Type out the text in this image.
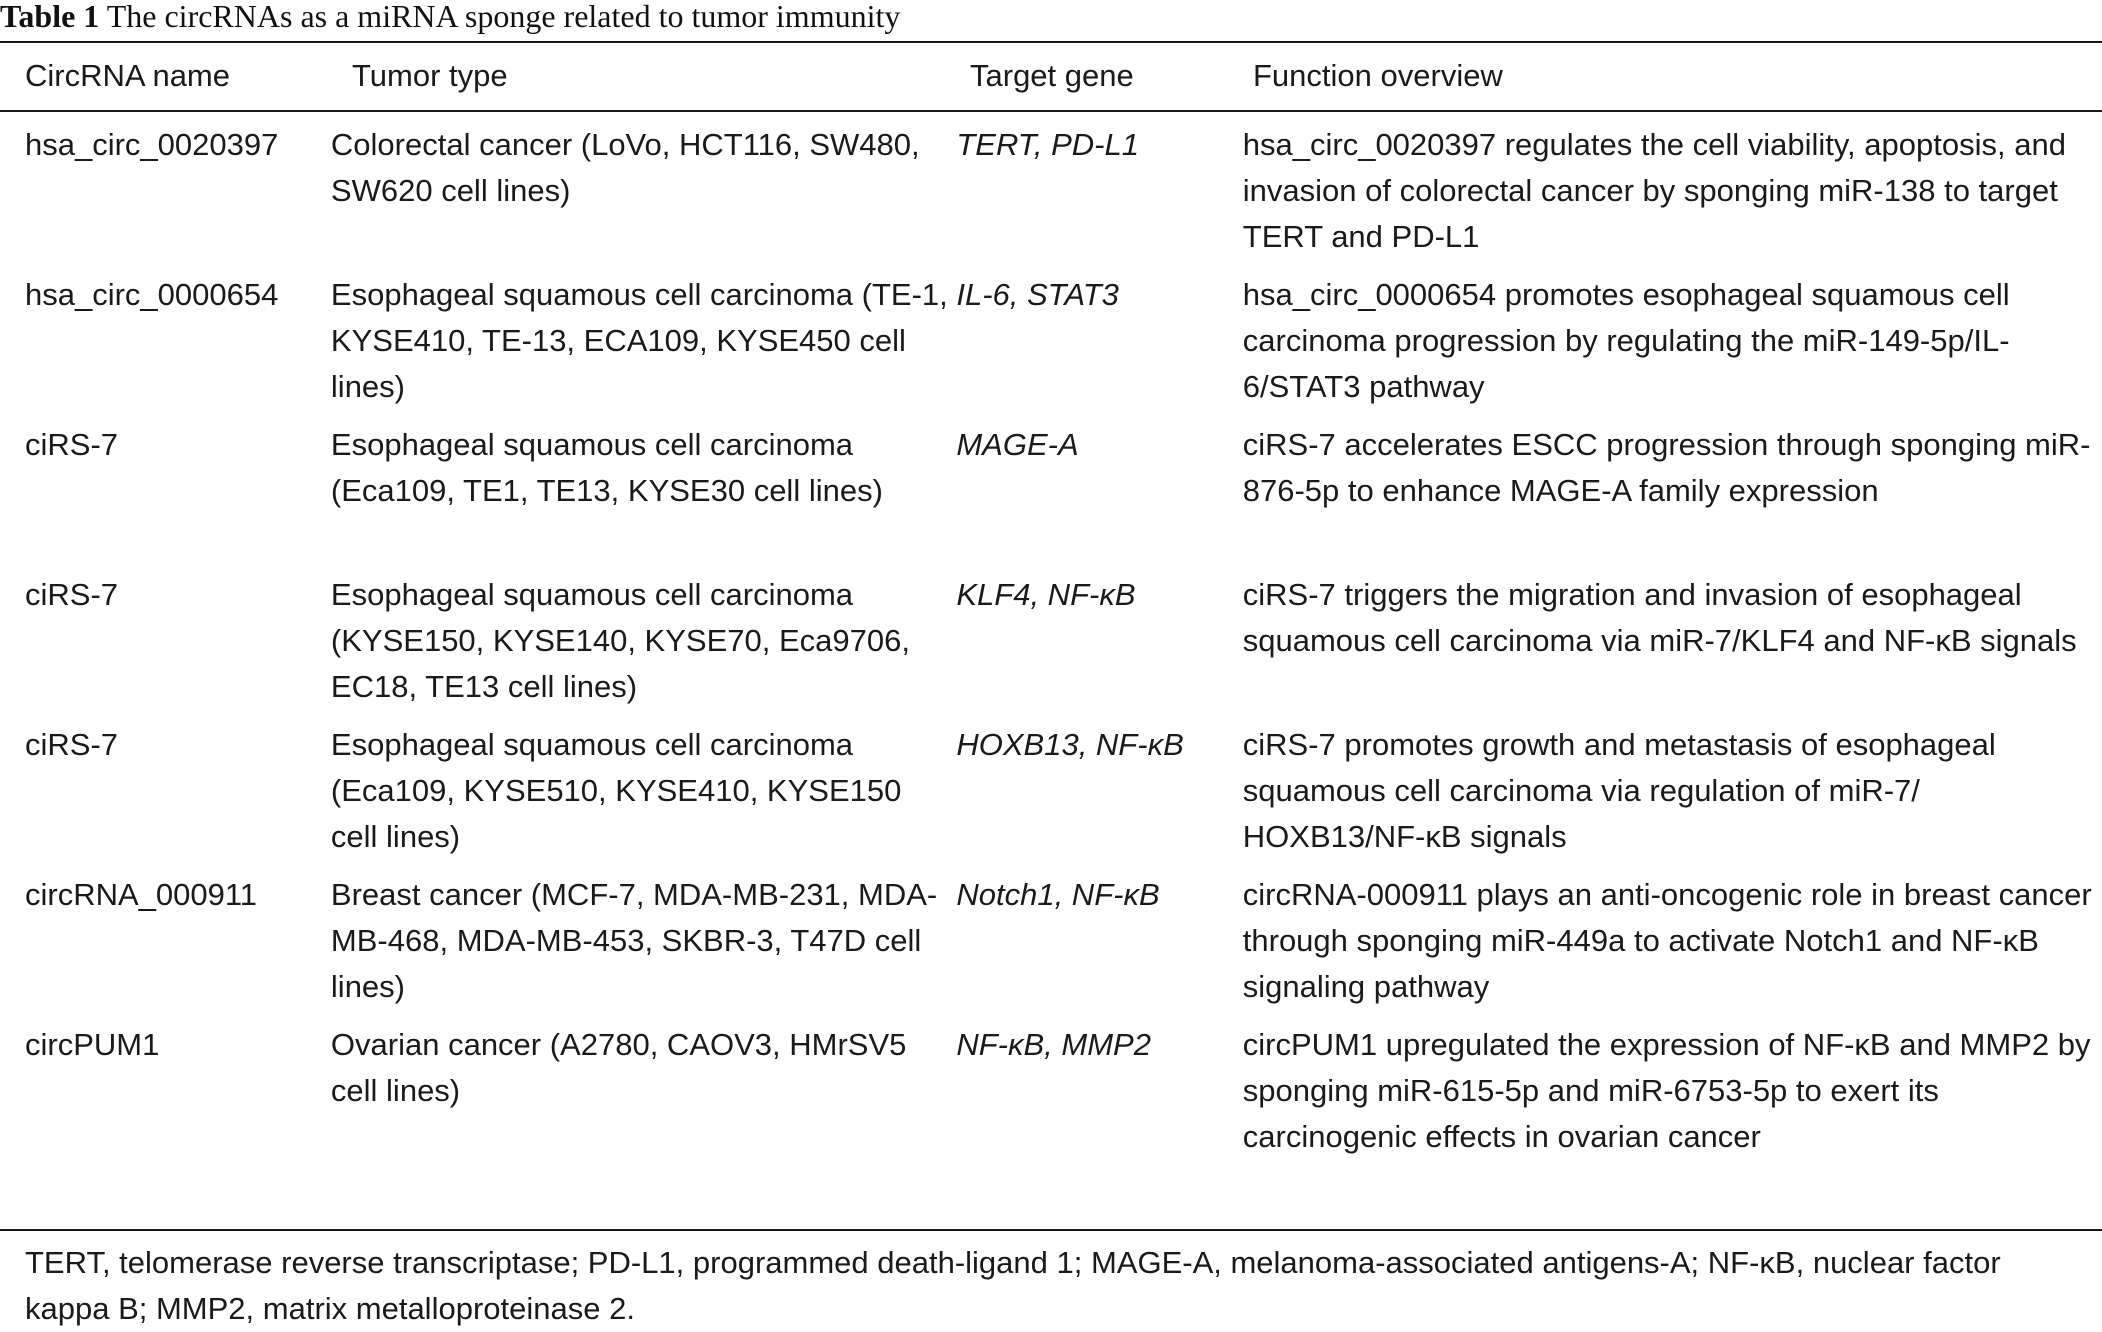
Table 1 The circRNAs as a miRNA sponge related to tumor immunity
CircRNA name	Tumor type	Target gene	Function overview
hsa_circ_0020397	Colorectal cancer (LoVo, HCT116, SW480, SW620 cell lines)	TERT, PD-L1	hsa_circ_0020397 regulates the cell viability, apoptosis, and invasion of colorectal cancer by sponging miR-138 to target TERT and PD-L1
hsa_circ_0000654	Esophageal squamous cell carcinoma (TE-1, KYSE410, TE-13, ECA109, KYSE450 cell lines)	IL-6, STAT3	hsa_circ_0000654 promotes esophageal squamous cell carcinoma progression by regulating the miR-149-5p/IL-6/STAT3 pathway
ciRS-7	Esophageal squamous cell carcinoma (Eca109, TE1, TE13, KYSE30 cell lines)	MAGE-A	ciRS-7 accelerates ESCC progression through sponging miR-876-5p to enhance MAGE-A family expression
ciRS-7	Esophageal squamous cell carcinoma (KYSE150, KYSE140, KYSE70, Eca9706, EC18, TE13 cell lines)	KLF4, NF-κB	ciRS-7 triggers the migration and invasion of esophageal squamous cell carcinoma via miR-7/KLF4 and NF-κB signals
ciRS-7	Esophageal squamous cell carcinoma (Eca109, KYSE510, KYSE410, KYSE150 cell lines)	HOXB13, NF-κB	ciRS-7 promotes growth and metastasis of esophageal squamous cell carcinoma via regulation of miR-7/ HOXB13/NF-κB signals
circRNA_000911	Breast cancer (MCF-7, MDA-MB-231, MDA-MB-468, MDA-MB-453, SKBR-3, T47D cell lines)	Notch1, NF-κB	circRNA-000911 plays an anti-oncogenic role in breast cancer through sponging miR-449a to activate Notch1 and NF-κB signaling pathway
circPUM1	Ovarian cancer (A2780, CAOV3, HMrSV5 cell lines)	NF-κB, MMP2	circPUM1 upregulated the expression of NF-κB and MMP2 by sponging miR-615-5p and miR-6753-5p to exert its carcinogenic effects in ovarian cancer
TERT, telomerase reverse transcriptase; PD-L1, programmed death-ligand 1; MAGE-A, melanoma-associated antigens-A; NF-κB, nuclear factor kappa B; MMP2, matrix metalloproteinase 2.
